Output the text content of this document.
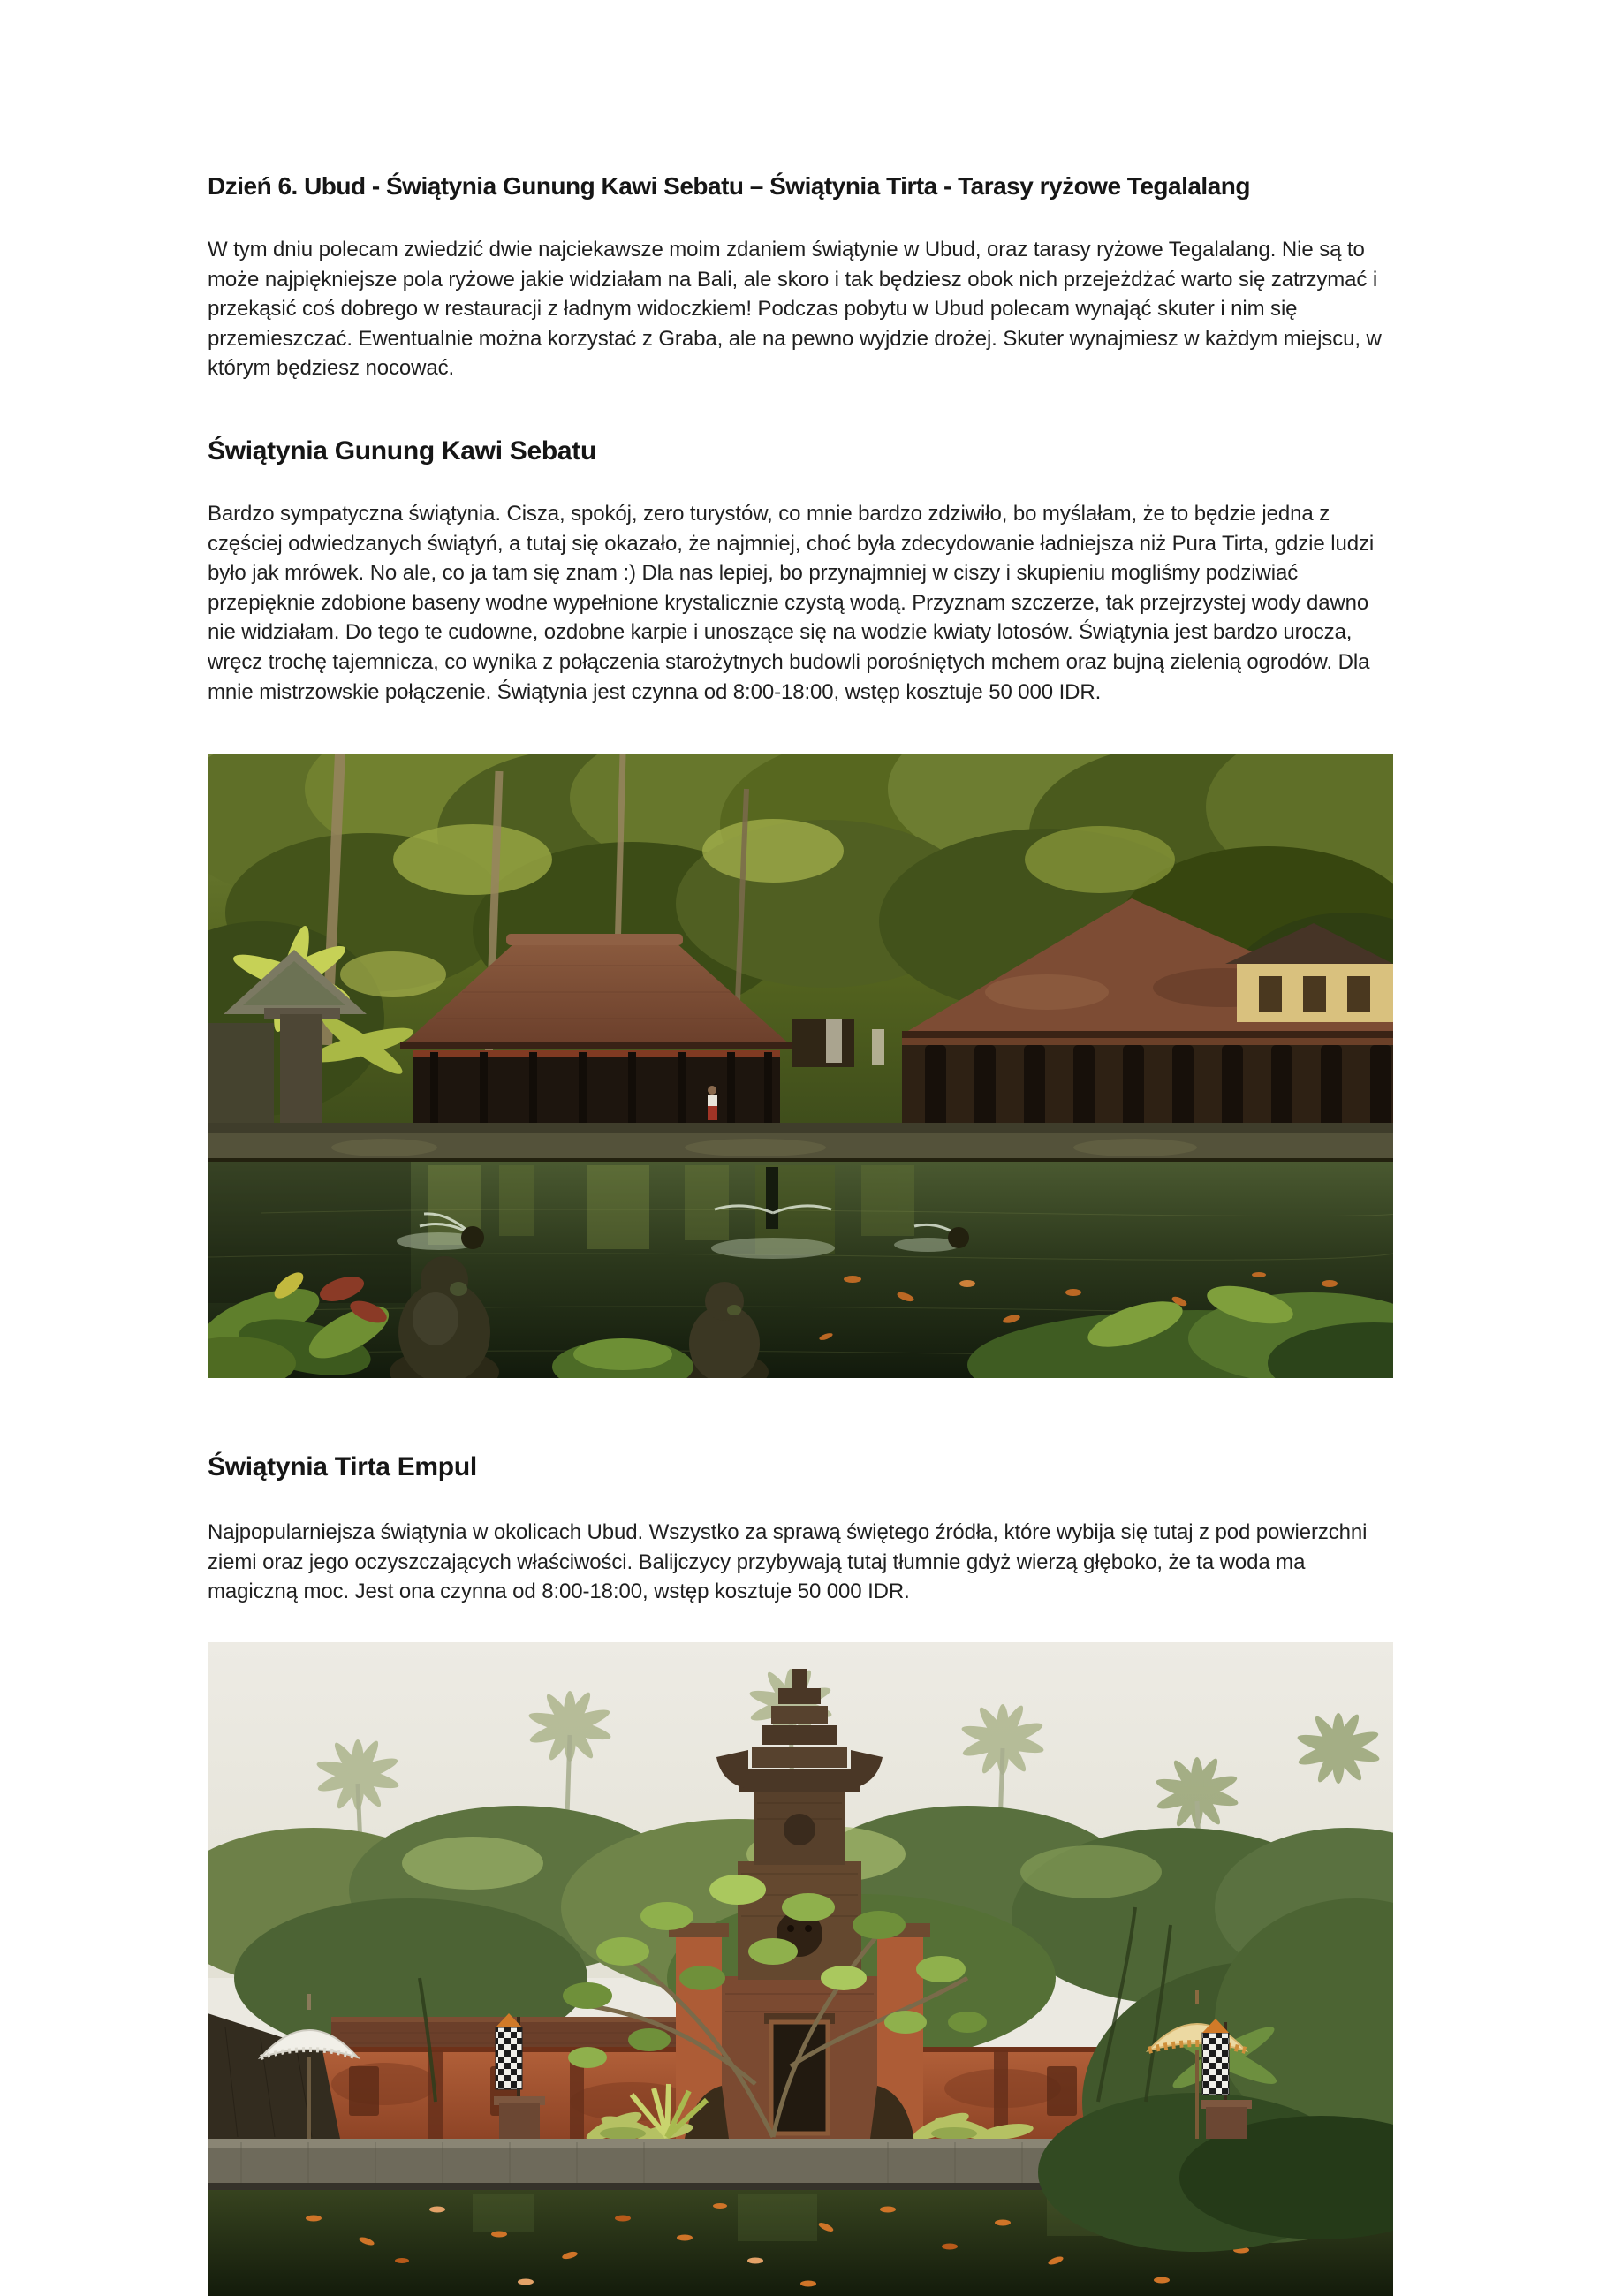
Dzień 6. Ubud - Świątynia Gunung Kawi Sebatu – Świątynia Tirta - Tarasy ryżowe Tegalalang

W tym dniu polecam zwiedzić dwie najciekawsze moim zdaniem świątynie w Ubud, oraz tarasy ryżowe Tegalalang. Nie są to może najpiękniejsze pola ryżowe jakie widziałam na Bali, ale skoro i tak będziesz obok nich przejeżdżać warto się zatrzymać i przekąsić coś dobrego w restauracji z ładnym widoczkiem! Podczas pobytu w Ubud polecam wynająć skuter i nim się przemieszczać. Ewentualnie można korzystać z Graba, ale na pewno wyjdzie drożej. Skuter wynajmiesz w każdym miejscu, w którym będziesz nocować.

Świątynia Gunung Kawi Sebatu

Bardzo sympatyczna świątynia. Cisza, spokój, zero turystów, co mnie bardzo zdziwiło, bo myślałam, że to będzie jedna z częściej odwiedzanych świątyń, a tutaj się okazało, że najmniej, choć była zdecydowanie ładniejsza niż Pura Tirta, gdzie ludzi było jak mrówek. No ale, co ja tam się znam :) Dla nas lepiej, bo przynajmniej w ciszy i skupieniu mogliśmy podziwiać przepięknie zdobione baseny wodne wypełnione krystalicznie czystą wodą. Przyznam szczerze, tak przejrzystej wody dawno nie widziałam. Do tego te cudowne, ozdobne karpie i unoszące się na wodzie kwiaty lotosów. Świątynia jest bardzo urocza, wręcz trochę tajemnicza, co wynika z połączenia starożytnych budowli porośniętych mchem oraz bujną zielenią ogrodów. Dla mnie mistrzowskie połączenie. Świątynia jest czynna od 8:00-18:00, wstęp kosztuje 50 000 IDR.

Świątynia Tirta Empul

Najpopularniejsza świątynia w okolicach Ubud. Wszystko za sprawą świętego źródła, które wybija się tutaj z pod powierzchni ziemi oraz jego oczyszczających właściwości. Balijczycy przybywają tutaj tłumnie gdyż wierzą głęboko, że ta woda ma magiczną moc. Jest ona czynna od 8:00-18:00, wstęp kosztuje 50 000 IDR.
